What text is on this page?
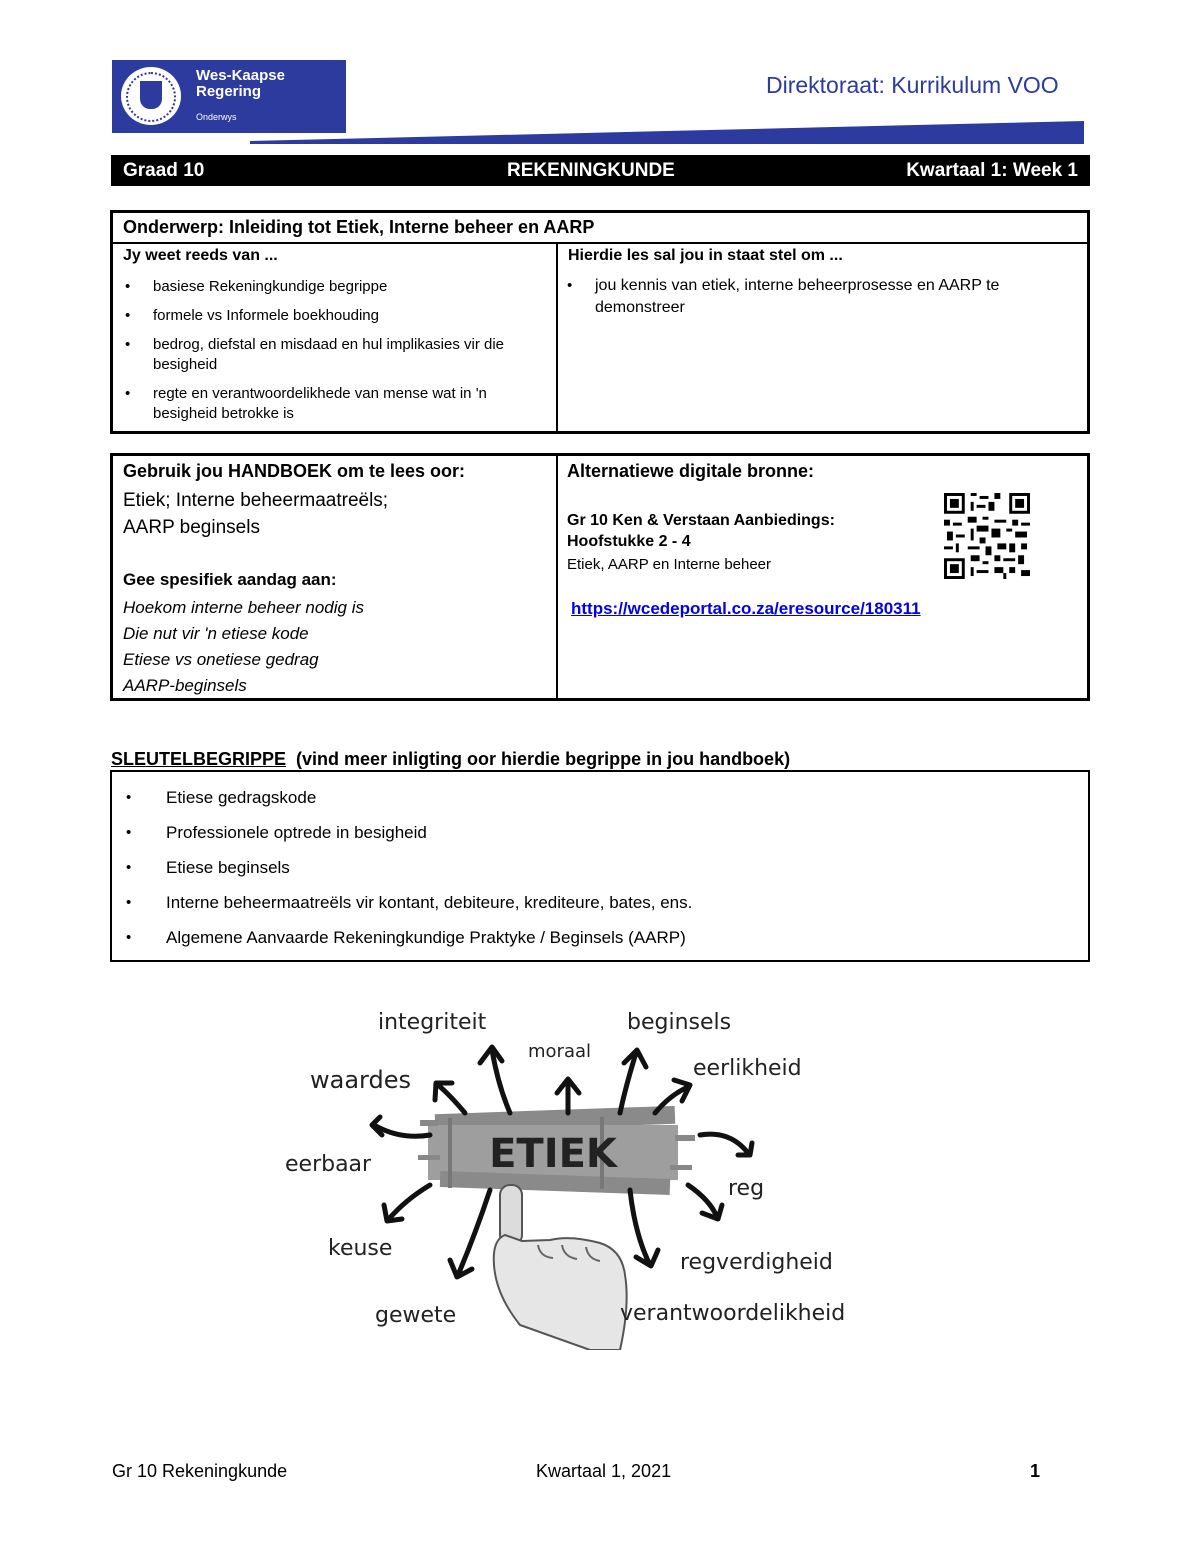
Wes-Kaapse
Regering
Onderwys
Direktoraat: Kurrikulum VOO
Graad 10	REKENINGKUNDE	Kwartaal 1: Week 1
Onderwerp: Inleiding tot Etiek, Interne beheer en AARP
Jy weet reeds van ...
• basiese Rekeningkundige begrippe
• formele vs Informele boekhouding
• bedrog, diefstal en misdaad en hul implikasies vir die besigheid
• regte en verantwoordelikhede van mense wat in 'n besigheid betrokke is
Hierdie les sal jou in staat stel om ...
• jou kennis van etiek, interne beheerprosesse en AARP te demonstreer
Gebruik jou HANDBOEK om te lees oor:
Etiek; Interne beheermaatreëls;
AARP beginsels
Gee spesifiek aandag aan:
Hoekom interne beheer nodig is
Die nut vir 'n etiese kode
Etiese vs onetiese gedrag
AARP-beginsels
Alternatiewe digitale bronne:
Gr 10 Ken & Verstaan Aanbiedings:
Hoofstukke 2 - 4
Etiek, AARP en Interne beheer
https://wcedeportal.co.za/eresource/180311
SLEUTELBEGRIPPE (vind meer inligting oor hierdie begrippe in jou handboek)
• Etiese gedragskode
• Professionele optrede in besigheid
• Etiese beginsels
• Interne beheermaatreëls vir kontant, debiteure, krediteure, bates, ens.
• Algemene Aanvaarde Rekeningkundige Praktyke / Beginsels (AARP)
ETIEK
integriteit
moraal
beginsels
waardes	eerlikheid
eerbaar
reg
keuse
regverdigheid
gewete	verantwoordelikheid
Gr 10 Rekeningkunde	Kwartaal 1, 2021	1
